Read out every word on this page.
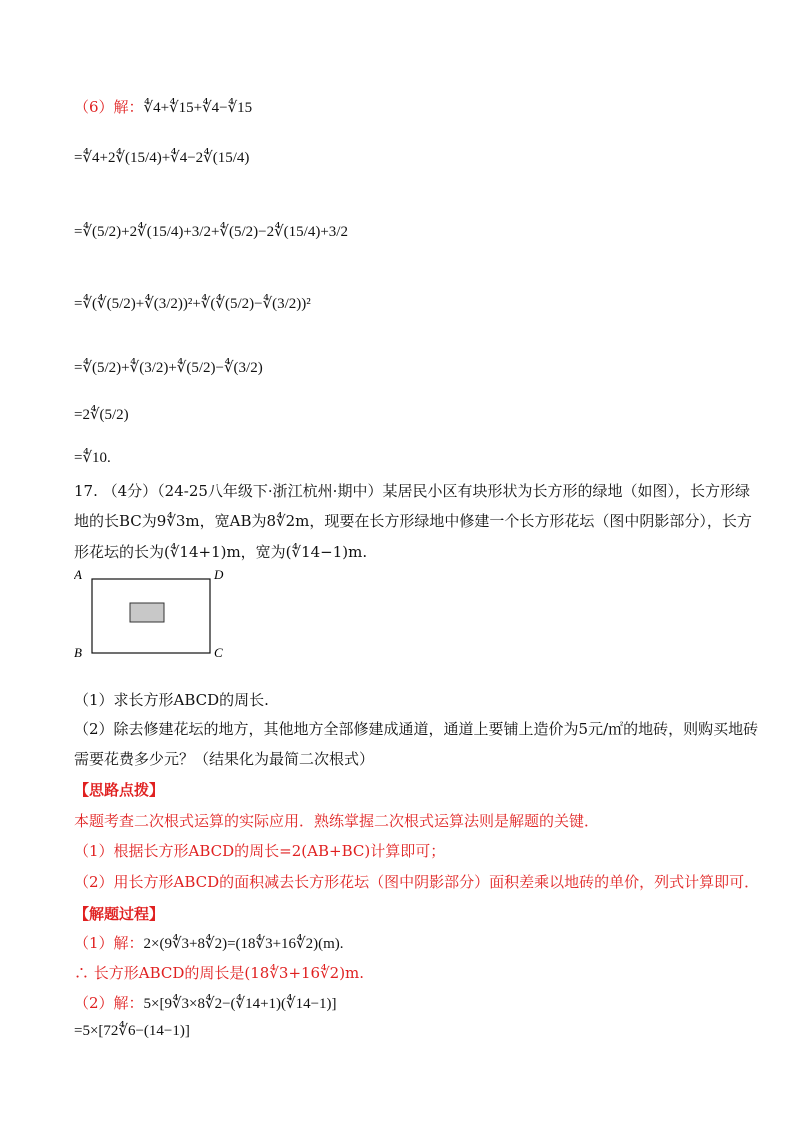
（6）解：∜4+∜15+∜4−∜15
=∜4+2∜(15/4)+∜4−2∜(15/4)
=∜(5/2)+2∜(15/4)+3/2+∜(5/2)−2∜(15/4)+3/2
=∜(∜(5/2)+∜(3/2))²+∜(∜(5/2)−∜(3/2))²
=∜(5/2)+∜(3/2)+∜(5/2)−∜(3/2)
=2∜(5/2)
=∜10.
17. （4分）（24-25八年级下·浙江杭州·期中）某居民小区有块形状为长方形的绿地（如图），长方形绿
地的长BC为9∜3m，宽AB为8∜2m，现要在长方形绿地中修建一个长方形花坛（图中阴影部分），长方
形花坛的长为(∜14+1)m，宽为(∜14−1)m.
A	D
B	C
（1）求长方形ABCD的周长.
（2）除去修建花坛的地方，其他地方全部修建成通道，通道上要铺上造价为5元/㎡的地砖，则购买地砖
需要花费多少元？（结果化为最简二次根式）
【思路点拨】
本题考查二次根式运算的实际应用．熟练掌握二次根式运算法则是解题的关键．
（1）根据长方形ABCD的周长=2(AB+BC)计算即可；
（2）用长方形ABCD的面积减去长方形花坛（图中阴影部分）面积差乘以地砖的单价，列式计算即可．
【解题过程】
（1）解：2×(9∜3+8∜2)=(18∜3+16∜2)(m).
∴ 长方形ABCD的周长是(18∜3+16∜2)m.
（2）解：5×[9∜3×8∜2−(∜14+1)(∜14−1)]
=5×[72∜6−(14−1)]
